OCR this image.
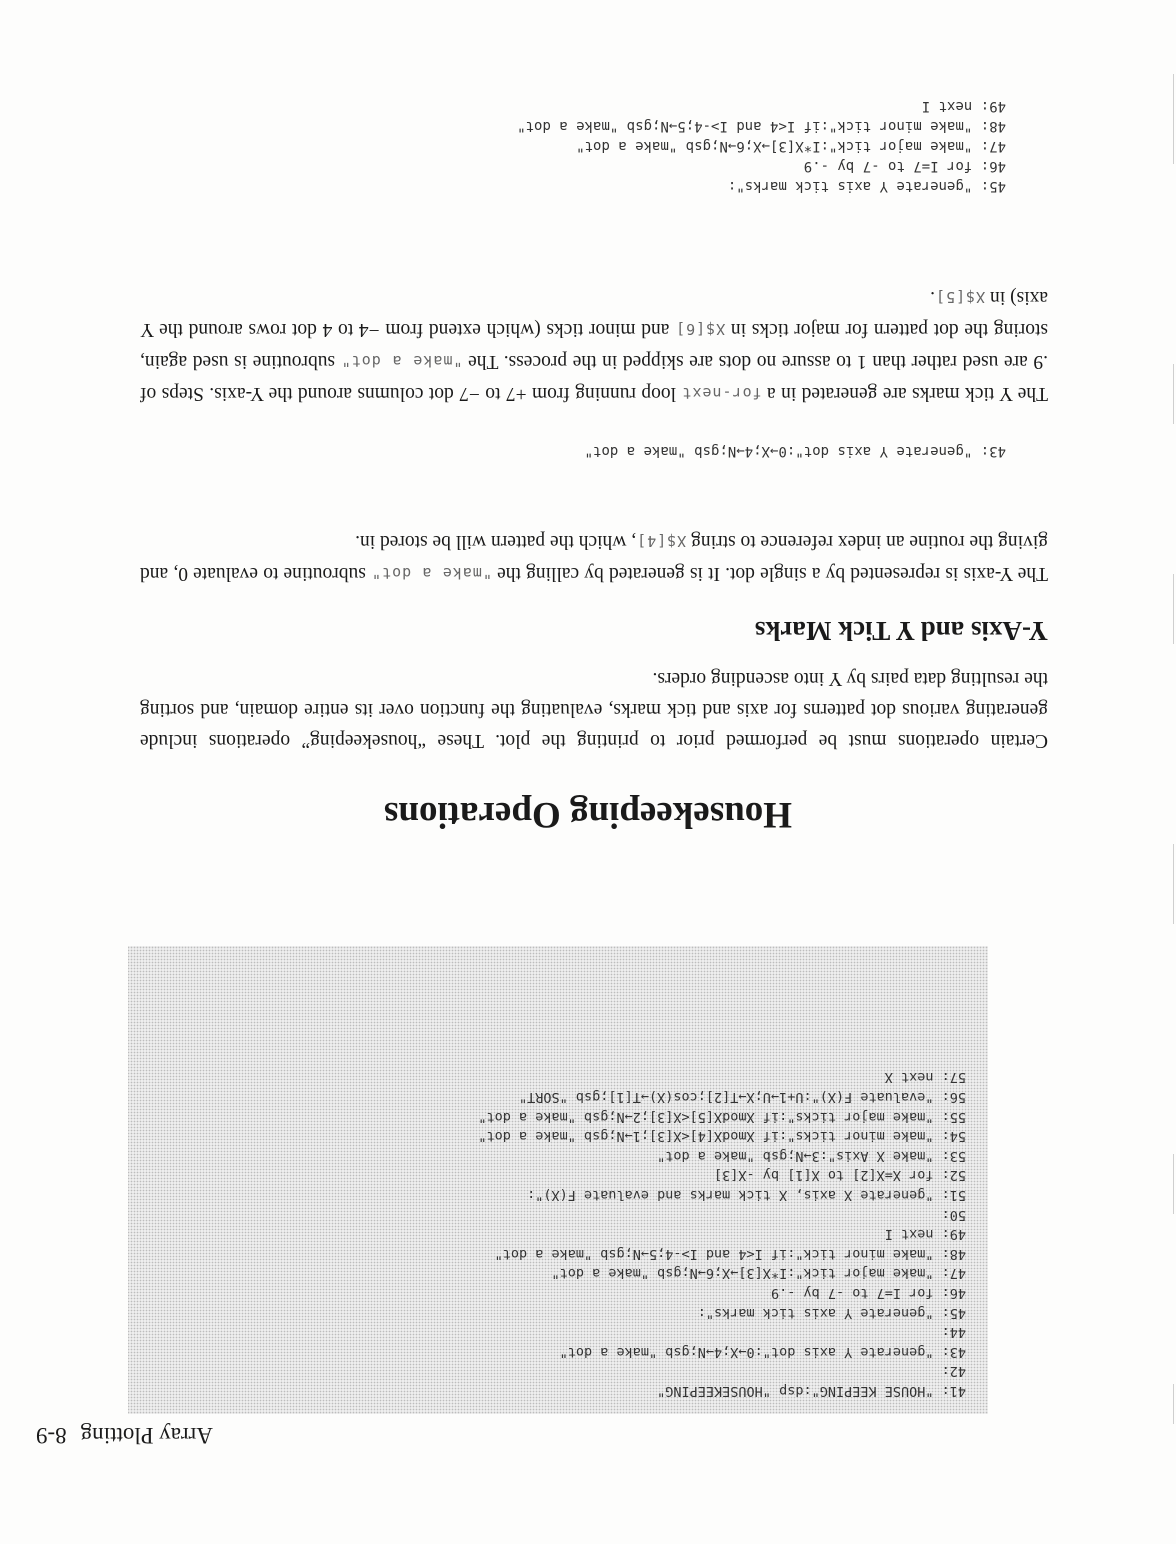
Array Plotting8-9
41: "HOUSE KEEPING":dsp "HOUSEKEEPING"
42:
43: "generate Y axis dot":0→X;4→N;gsb "make a dot"
44:
45: "generate Y axis tick marks":
46: for I=7 to -7 by -.9
47: "make major tick":I*X[3]→X;6→N;gsb "make a dot"
48: "make minor tick":if I<4 and I>-4;5→N;gsb "make a dot"
49: next I
50:
51: "generate X axis, X tick marks and evaluate F(X)":
52: for X=X[2] to X[1] by -X[3]
53: "make X Axis":3→N;gsb "make a dot"
54: "make minor ticks":if XmodX[4]<X[3];1→N;gsb "make a dot"
55: "make major ticks":if XmodX[5]<X[3];2→N;gsb "make a dot"
56: "evaluate F(X)":U+1→U;X→T[2];cos(X)→T[1];gsb "SORT"
57: next X
Housekeeping Operations

Certain operations must be performed prior to printing the plot. These “housekeeping” operations include generating various dot patterns for axis and tick marks, evaluating the function over its entire domain, and sorting the resulting data pairs by Y into ascending orders.

Y-Axis and Y Tick Marks

The Y-axis is represented by a single dot. It is generated by calling the "make a dot" subroutine to evaluate 0, and giving the routine an index reference to string X$[4], which the pattern will be stored in.

43: "generate Y axis dot":0→X;4→N;gsb "make a dot"

The Y tick marks are generated in a for-next loop running from +7 to −7 dot columns around the Y-axis. Steps of .9 are used rather than 1 to assure no dots are skipped in the process. The "make a dot" subroutine is used again, storing the dot pattern for major ticks in X$[6] and minor ticks (which extend from −4 to 4 dot rows around the Y axis) in X$[5].

45: "generate Y axis tick marks":
46: for I=7 to -7 by -.9
47: "make major tick":I*X[3]→X;6→N;gsb "make a dot"
48: "make minor tick":if I<4 and I>-4;5→N;gsb "make a dot"
49: next I
